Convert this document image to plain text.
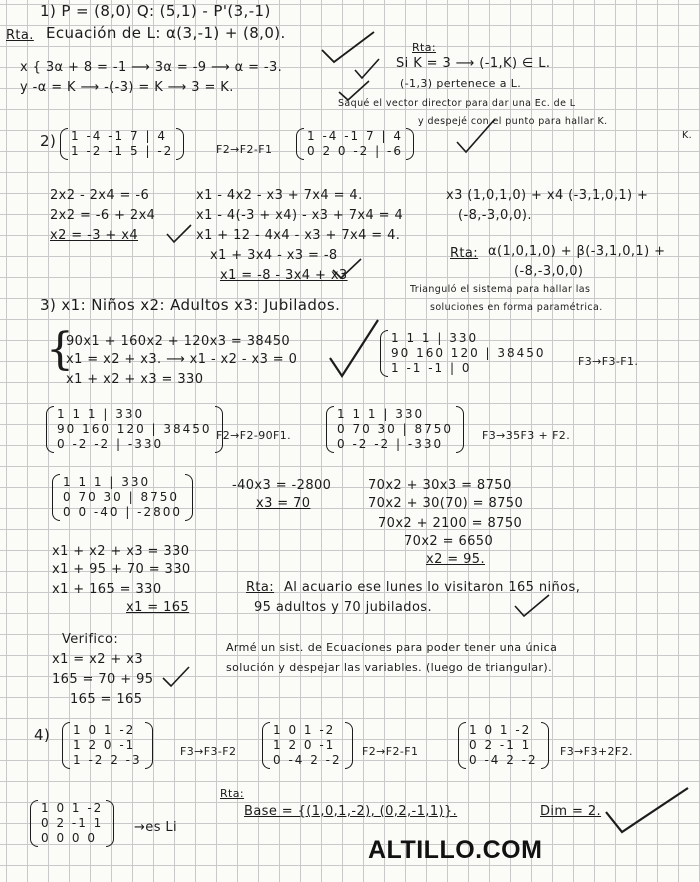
1) P = (8,0) Q: (5,1) - P'(3,-1)
Rta. Ecuación de L: α(3,-1) + (8,0).
Rta:
Si K = 3 ⟶ (-1,K) ∈ L.
x { 3α + 8 = -1 ⟶ 3α = -9 ⟶ α = -3.
(-1,3) pertenece a L.
y -α = K ⟶ -(-3) = K ⟶ 3 = K.
Saqué el vector director para dar una Ec. de L
y despejé con el punto para hallar K.
K.
2) 1 -4 -1 7 | 4
1 -2 -1 5 | -2	F2→F2-F1
1 -4 -1 7 | 4
0 2 0 -2 | -6
2x2 - 2x4 = -6
2x2 = -6 + 2x4
x2 = -3 + x4
x1 - 4x2 - x3 + 7x4 = 4.
x1 - 4(-3 + x4) - x3 + 7x4 = 4
x1 + 12 - 4x4 - x3 + 7x4 = 4.
x1 + 3x4 - x3 = -8
x1 = -8 - 3x4 + x3
x3 (1,0,1,0) + x4 (-3,1,0,1) +
(-8,-3,0,0).
Rta: α(1,0,1,0) + β(-3,1,0,1) +
(-8,-3,0,0)
Trianguló el sistema para hallar las
soluciones en forma paramétrica.
3) x1: Niños x2: Adultos x3: Jubilados.
{
90x1 + 160x2 + 120x3 = 38450
x1 = x2 + x3. ⟶ x1 - x2 - x3 = 0
x1 + x2 + x3 = 330
1 1 1 | 330
90 160 120 | 38450
1 -1 -1 | 0	F3→F3-F1.
1 1 1 | 330
90 160 120 | 38450
0 -2 -2 | -330
F2→F2-90F1.
1 1 1 | 330
0 70 30 | 8750
0 -2 -2 | -330
F3→35F3 + F2.
1 1 1 | 330
0 70 30 | 8750
0 0 -40 | -2800
-40x3 = -2800
x3 = 70
70x2 + 30x3 = 8750
70x2 + 30(70) = 8750
70x2 + 2100 = 8750
70x2 = 6650
x2 = 95.
x1 + x2 + x3 = 330
x1 + 95 + 70 = 330
x1 + 165 = 330
x1 = 165
Rta: Al acuario ese lunes lo visitaron 165 niños,
95 adultos y 70 jubilados.
Verifico:
x1 = x2 + x3
165 = 70 + 95
165 = 165
Armé un sist. de Ecuaciones para poder tener una única
solución y despejar las variables. (luego de triangular).
4) 1 0 1 -2
1 2 0 -1
1 -2 2 -3
F3→F3-F2
1 0 1 -2
1 2 0 -1
0 -4 2 -2
F2→F2-F1
1 0 1 -2
0 2 -1 1
0 -4 2 -2
F3→F3+2F2.
1 0 1 -2
0 2 -1 1
0 0 0 0
→es Li
Rta:
Base = {(1,0,1,-2), (0,2,-1,1)}.	Dim = 2.
ALTILLO.COM
